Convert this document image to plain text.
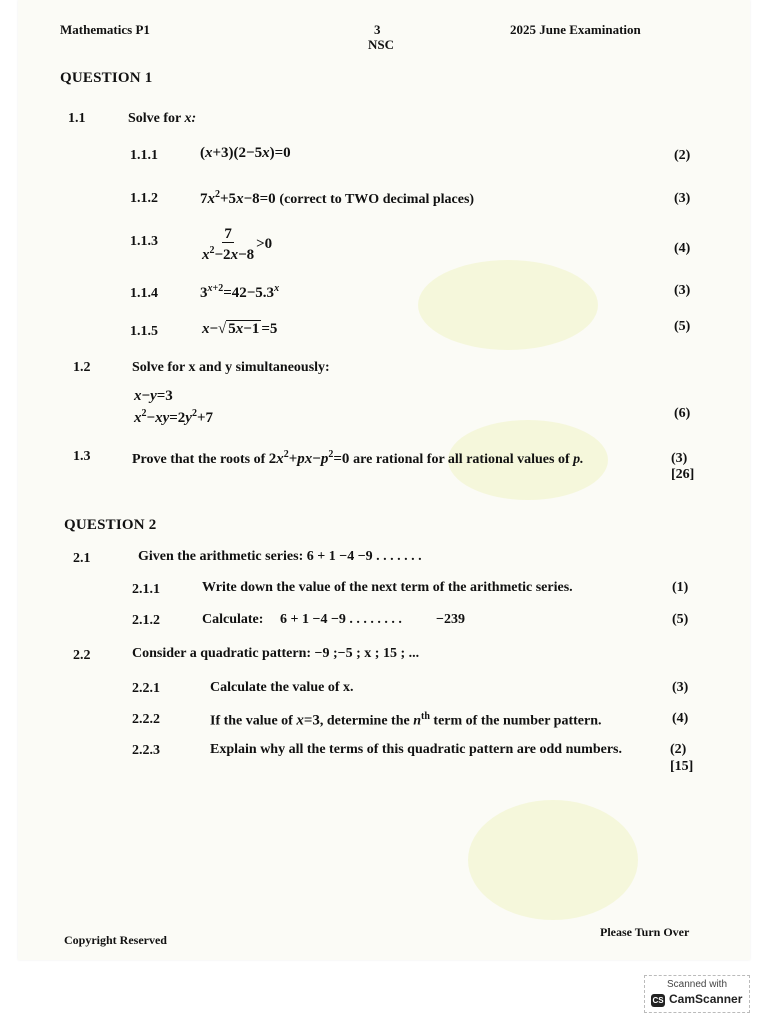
Mathematics P1	3
NSC
2025 June Examination
QUESTION 1
1.1	Solve for x:
1.1.1	(x+3)(2−5x)=0	(2)
1.1.2	$7x^2+5x-8=0$ (correct to TWO decimal places)	(3)
1.1.3	$\frac{7}{x^2-2x-8} >0$	(4)
1.1.4	$3^{x+2}=42-5.3^x$	(3)
1.1.5	x−√ 5x−1 =5	(5)
1.2	Solve for x and y simultaneously:
x−y=3
$x^2-xy=2y^2+7$	(6)
1.3	Prove that the roots of $2x^2+px-p^2=0$ are rational for all rational values of p.	(3)
[26]
QUESTION 2
2.1	Given the arithmetic series: 6 + 1 −4 −9 . . . . . . .
2.1.1	Write down the value of the next term of the arithmetic series.	(1)
2.1.2	Calculate: 6 + 1 −4 −9 . . . . . . . . −239	(5)
2.2	Consider a quadratic pattern: −9 ;−5 ; x ; 15 ; ...
2.2.1	Calculate the value of x.	(3)
2.2.2	If the value of x=3, determine the $n^{th}$ term of the number pattern.	(4)
2.2.3	Explain why all the terms of this quadratic pattern are odd numbers.	(2)
[15]
Copyright Reserved
Please Turn Over
Scanned with
CS CamScanner
